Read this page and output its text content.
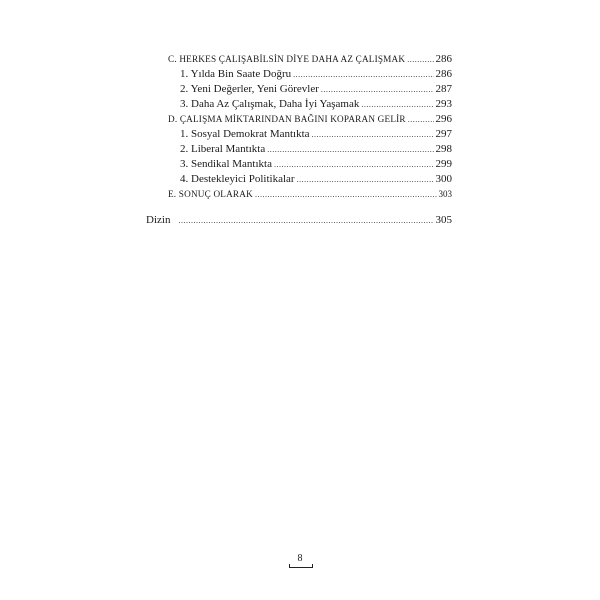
C. HERKES ÇALIŞABİLSİN DİYE DAHA AZ ÇALIŞMAK .....	286
1. Yılda Bin Saate Doğru .....	286
2. Yeni Değerler, Yeni Görevler .....	287
3. Daha Az Çalışmak, Daha İyi Yaşamak .....	293
D. ÇALIŞMA MİKTARINDAN BAĞINI KOPARAN GELİR .....	296
1. Sosyal Demokrat Mantıkta .....	297
2. Liberal Mantıkta .....	298
3. Sendikal Mantıkta .....	299
4. Destekleyici Politikalar .....	300
E. SONUÇ OLARAK .....	303
Dizin .....	305
8
